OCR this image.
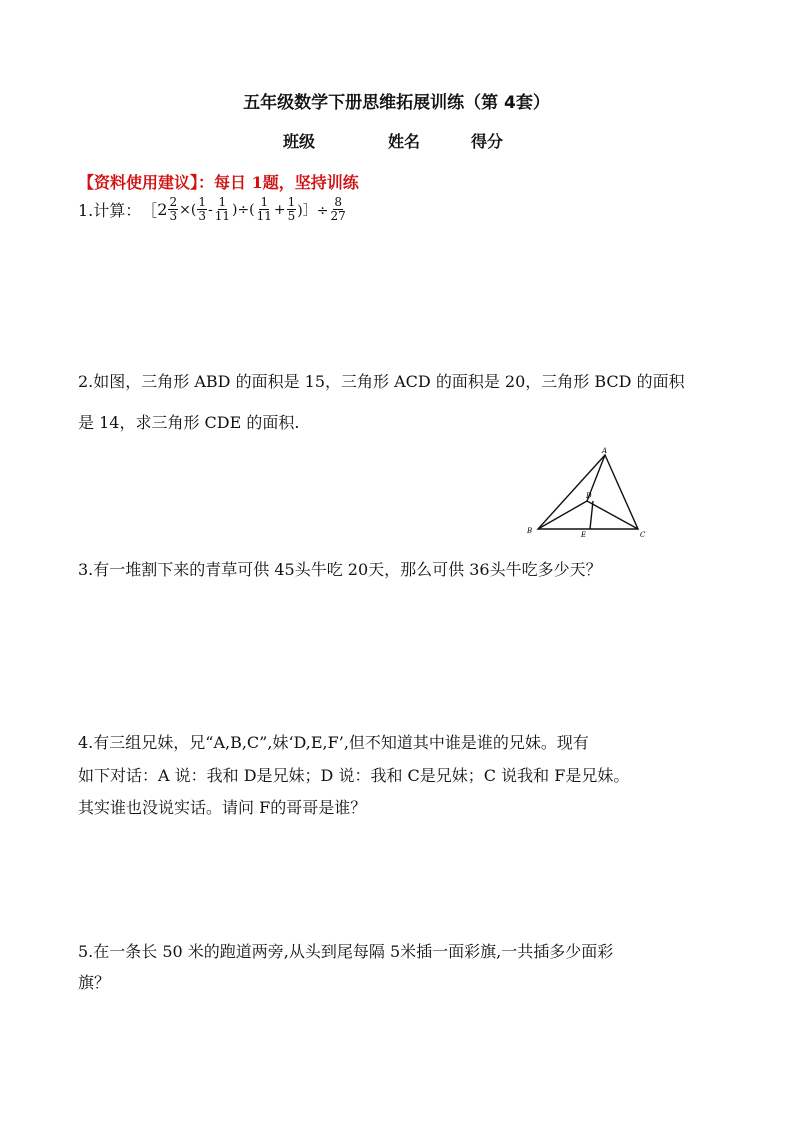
五年级数学下册思维拓展训练（第 4套）
班级	姓名	得分
【资料使用建议】：每日 1题，坚持训练
1.计算： ［ $2 \frac{2}{3}$ ×( $\frac{1}{3} - \frac{1}{11}$ )÷( $\frac{1}{11} + \frac{1}{5}$ )］÷ $\frac{8}{27}$
2.如图，三角形 ABD 的面积是 15，三角形 ACD 的面积是 20，三角形 BCD 的面积
是 14，求三角形 CDE 的面积.
A
B	C
D
E
3.有一堆割下来的青草可供 45头牛吃 20天，那么可供 36头牛吃多少天？
4.有三组兄妹，兄“A,B,C”,妹‘D,E,F’,但不知道其中谁是谁的兄妹。现有
如下对话：A 说：我和 D是兄妹；D 说：我和 C是兄妹；C 说我和 F是兄妹。
其实谁也没说实话。请问 F的哥哥是谁？
5.在一条长 50 米的跑道两旁,从头到尾每隔 5米插一面彩旗,一共插多少面彩
旗？
